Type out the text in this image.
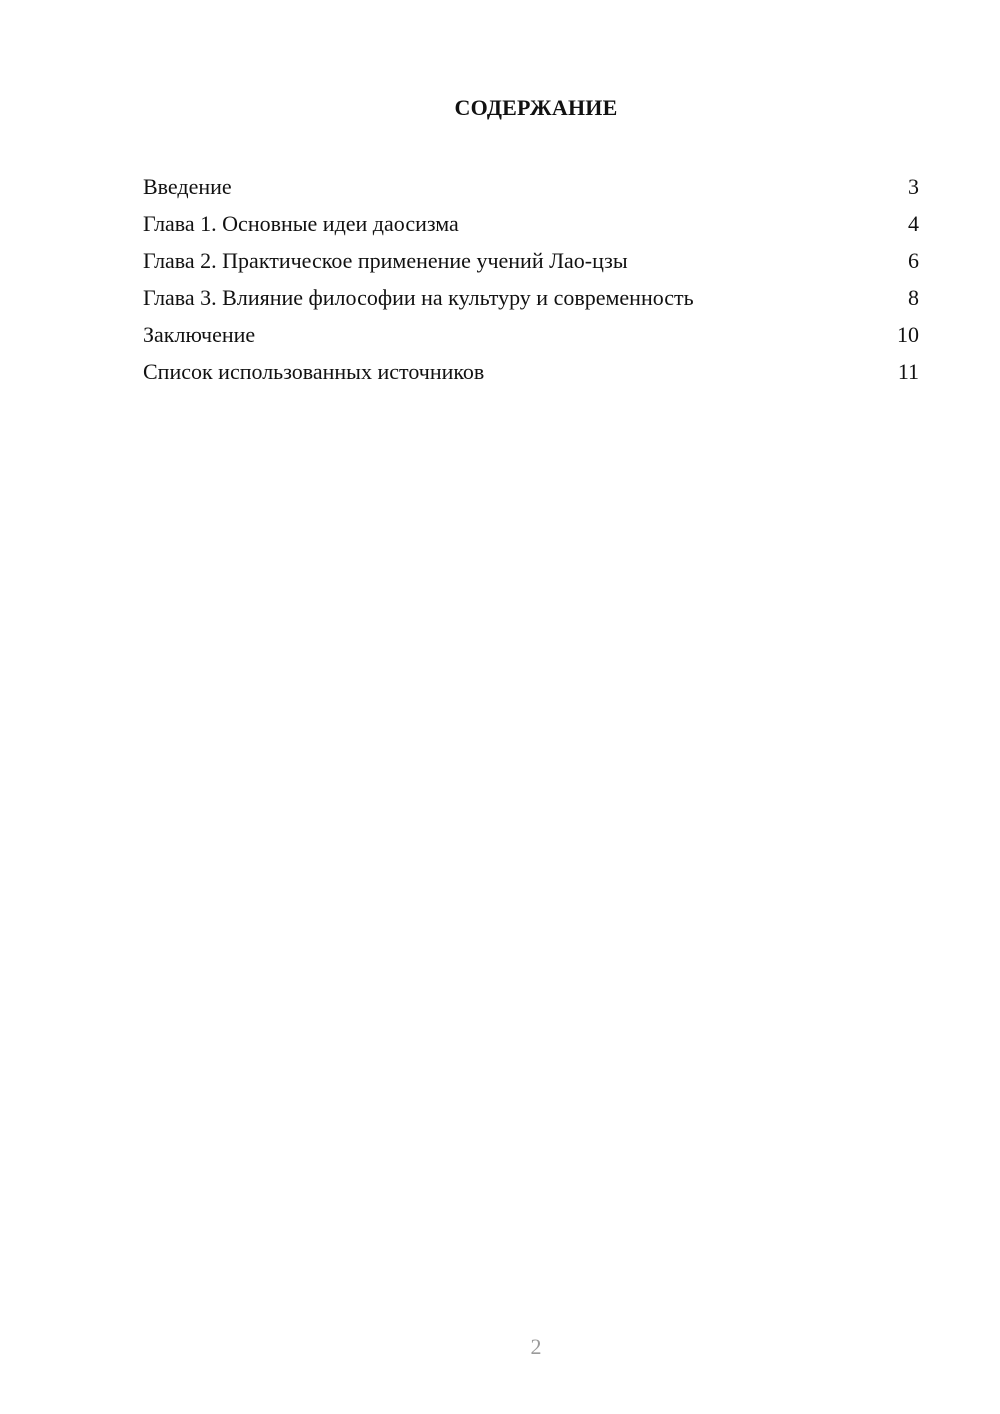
СОДЕРЖАНИЕ
Введение	3
Глава 1. Основные идеи даосизма	4
Глава 2. Практическое применение учений Лао-цзы	6
Глава 3. Влияние философии на культуру и современность	8
Заключение	10
Список использованных источников	11
2
